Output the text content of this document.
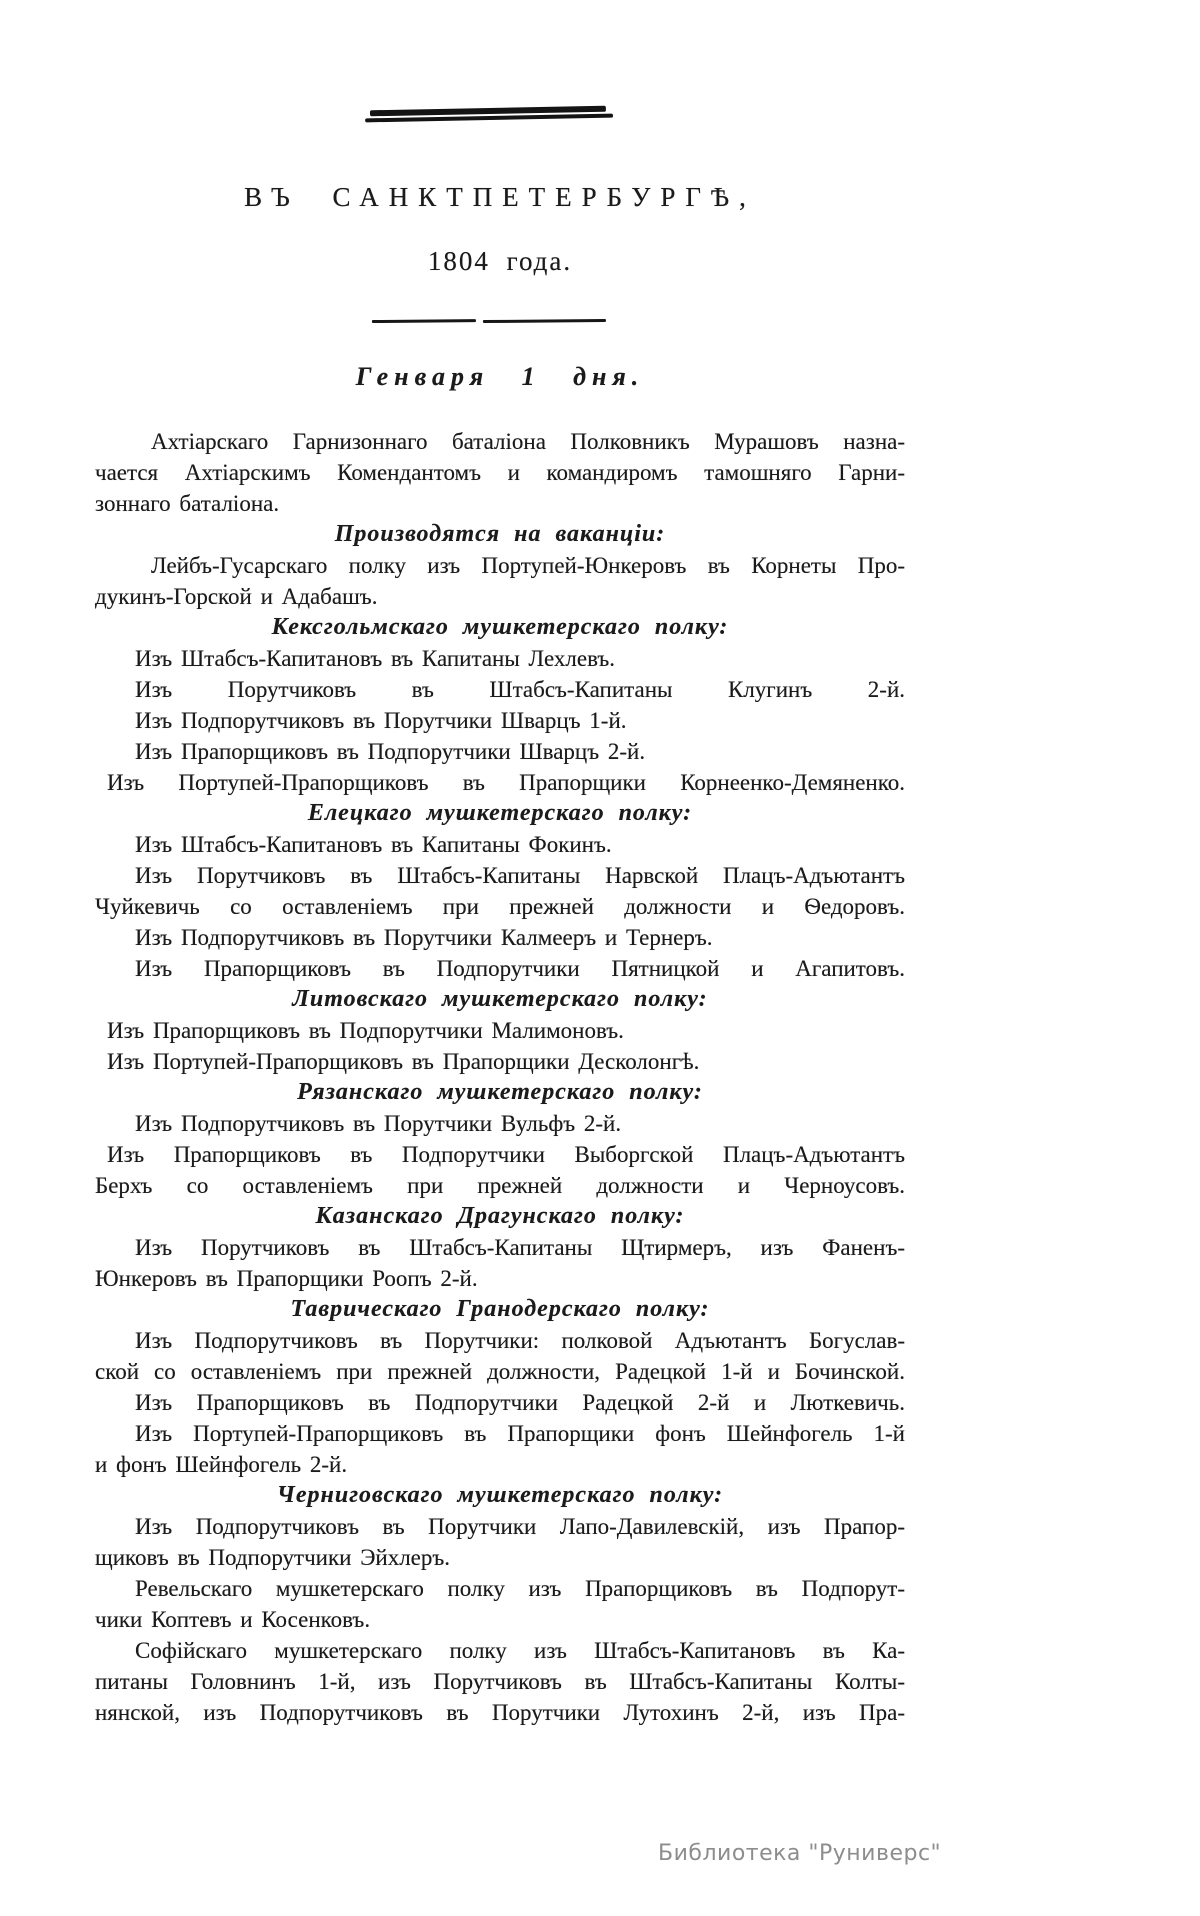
ВЪ САНКТПЕТЕРБУРГѢ,
1804 года.
Генваря 1 дня.
Ахтіарскаго Гарнизоннаго баталіона Полковникъ Мурашовъ назна-
чается Ахтіарскимъ Комендантомъ и командиромъ тамошняго Гарни-
зоннаго баталіона.
Производятся на ваканціи:
Лейбъ-Гусарскаго полку изъ Портупей-Юнкеровъ въ Корнеты Про-
дукинъ-Горской и Адабашъ.
Кексгольмскаго мушкетерскаго полку:
Изъ Штабсъ-Капитановъ въ Капитаны Лехлевъ.
Изъ Порутчиковъ въ Штабсъ-Капитаны Клугинъ 2-й.
Изъ Подпорутчиковъ въ Порутчики Шварцъ 1-й.
Изъ Прапорщиковъ въ Подпорутчики Шварцъ 2-й.
Изъ Портупей-Прапорщиковъ въ Прапорщики Корнеенко-Демяненко.
Елецкаго мушкетерскаго полку:
Изъ Штабсъ-Капитановъ въ Капитаны Фокинъ.
Изъ Порутчиковъ въ Штабсъ-Капитаны Нарвской Плацъ-Адъютантъ
Чуйкевичь со оставленіемъ при прежней должности и Ѳедоровъ.
Изъ Подпорутчиковъ въ Порутчики Калмееръ и Тернеръ.
Изъ Прапорщиковъ въ Подпорутчики Пятницкой и Агапитовъ.
Литовскаго мушкетерскаго полку:
Изъ Прапорщиковъ въ Подпорутчики Малимоновъ.
Изъ Портупей-Прапорщиковъ въ Прапорщики Десколонгѣ.
Рязанскаго мушкетерскаго полку:
Изъ Подпорутчиковъ въ Порутчики Вульфъ 2-й.
Изъ Прапорщиковъ въ Подпорутчики Выборгской Плацъ-Адъютантъ
Берхъ со оставленіемъ при прежней должности и Черноусовъ.
Казанскаго Драгунскаго полку:
Изъ Порутчиковъ въ Штабсъ-Капитаны Щтирмеръ, изъ Фаненъ-
Юнкеровъ въ Прапорщики Роопъ 2-й.
Таврическаго Гранодерскаго полку:
Изъ Подпорутчиковъ въ Порутчики: полковой Адъютантъ Богуслав-
ской со оставленіемъ при прежней должности, Радецкой 1-й и Бочинской.
Изъ Прапорщиковъ въ Подпорутчики Радецкой 2-й и Люткевичь.
Изъ Портупей-Прапорщиковъ въ Прапорщики фонъ Шейнфогель 1-й
и фонъ Шейнфогель 2-й.
Черниговскаго мушкетерскаго полку:
Изъ Подпорутчиковъ въ Порутчики Лапо-Давилевскій, изъ Прапор-
щиковъ въ Подпорутчики Эйхлеръ.
Ревельскаго мушкетерскаго полку изъ Прапорщиковъ въ Подпорут-
чики Коптевъ и Косенковъ.
Софійскаго мушкетерскаго полку изъ Штабсъ-Капитановъ въ Ка-
питаны Головнинъ 1-й, изъ Порутчиковъ въ Штабсъ-Капитаны Колты-
нянской, изъ Подпорутчиковъ въ Порутчики Лутохинъ 2-й, изъ Пра-
Библиотека "Руниверс"
